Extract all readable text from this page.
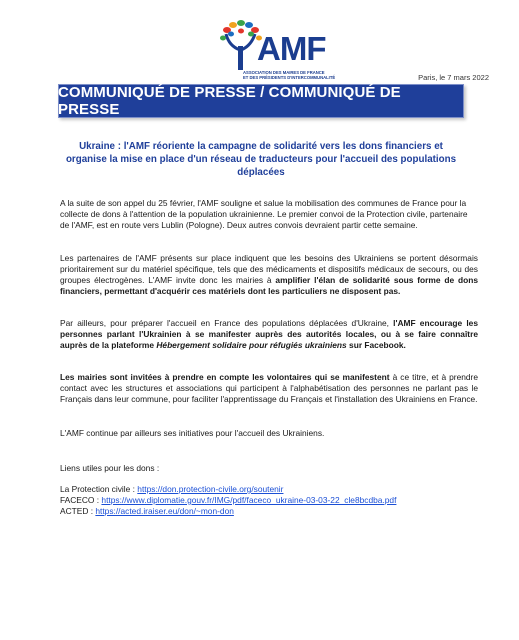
AMF
ASSOCIATION DES MAIRES DE FRANCE
ET DES PRÉSIDENTS D'INTERCOMMUNALITÉ	Paris, le 7 mars 2022
COMMUNIQUÉ DE PRESSE / COMMUNIQUÉ DE PRESSE
Ukraine : l'AMF réoriente la campagne de solidarité vers les dons financiers et organise la mise en place d'un réseau de traducteurs pour l'accueil des populations déplacées
A la suite de son appel du 25 février, l'AMF souligne et salue la mobilisation des communes de France pour la collecte de dons à l'attention de la population ukrainienne. Le premier convoi de la Protection civile, partenaire de l'AMF, est en route vers Lublin (Pologne). Deux autres convois devraient partir cette semaine.
Les partenaires de l'AMF présents sur place indiquent que les besoins des Ukrainiens se portent désormais prioritairement sur du matériel spécifique, tels que des médicaments et dispositifs médicaux de secours, ou des groupes électrogènes. L'AMF invite donc les mairies à amplifier l'élan de solidarité sous forme de dons financiers, permettant d'acquérir ces matériels dont les particuliers ne disposent pas.
Par ailleurs, pour préparer l'accueil en France des populations déplacées d'Ukraine, l'AMF encourage les personnes parlant l'Ukrainien à se manifester auprès des autorités locales, ou à se faire connaître auprès de la plateforme Hébergement solidaire pour réfugiés ukrainiens sur Facebook.
Les mairies sont invitées à prendre en compte les volontaires qui se manifestent à ce titre, et à prendre contact avec les structures et associations qui participent à l'alphabétisation des personnes ne parlant pas le Français dans leur commune, pour faciliter l'apprentissage du Français et l'installation des Ukrainiens en France.
L'AMF continue par ailleurs ses initiatives pour l'accueil des Ukrainiens.
Liens utiles pour les dons :
La Protection civile : https://don.protection-civile.org/soutenir
FACECO : https://www.diplomatie.gouv.fr/IMG/pdf/faceco_ukraine-03-03-22_cle8bcdba.pdf
ACTED : https://acted.iraiser.eu/don/~mon-don
